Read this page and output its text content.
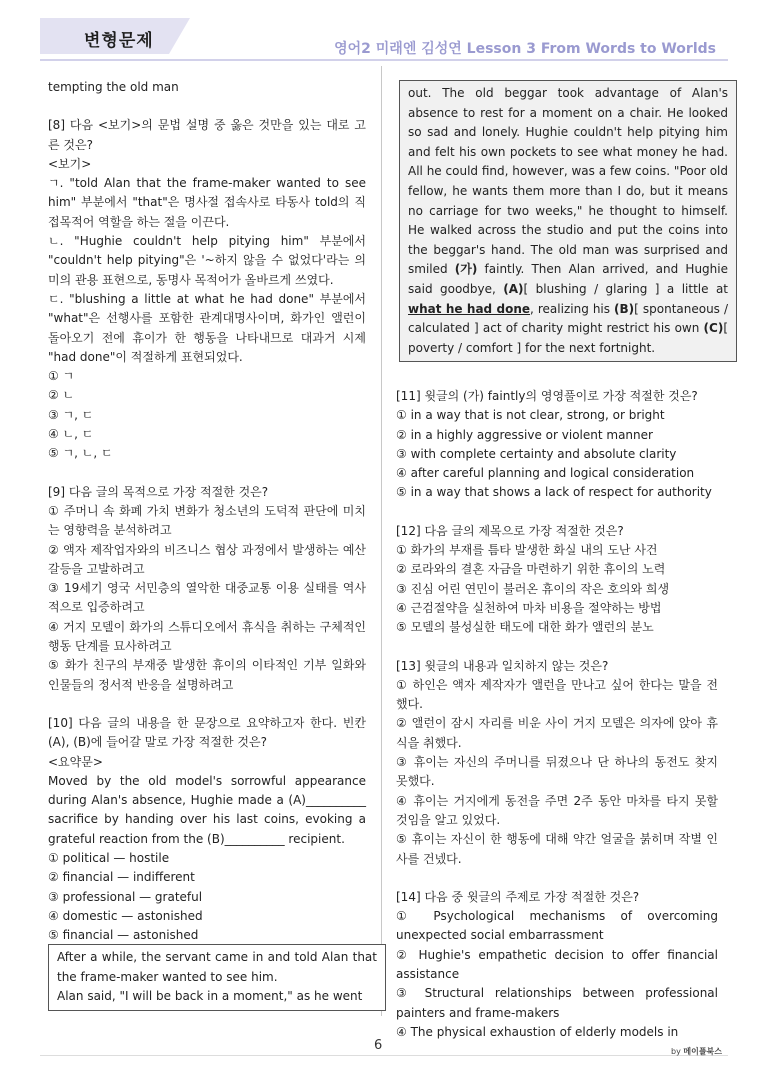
변형문제	영어2 미래엔 김성연 Lesson 3 From Words to Worlds

tempting the old man

[8] 다음 <보기>의 문법 설명 중 옳은 것만을 있는 대로 고른 것은?

<보기>

ㄱ. "told Alan that the frame-maker wanted to see him" 부분에서 "that"은 명사절 접속사로 타동사 told의 직접목적어 역할을 하는 절을 이끈다.

ㄴ. "Hughie couldn't help pitying him" 부분에서 "couldn't help pitying"은 '~하지 않을 수 없었다'라는 의미의 관용 표현으로, 동명사 목적어가 올바르게 쓰였다.

ㄷ. "blushing a little at what he had done" 부분에서 "what"은 선행사를 포함한 관계대명사이며, 화가인 앨런이 돌아오기 전에 휴이가 한 행동을 나타내므로 대과거 시제 "had done"이 적절하게 표현되었다.

① ㄱ

② ㄴ

③ ㄱ, ㄷ

④ ㄴ, ㄷ

⑤ ㄱ, ㄴ, ㄷ

[9] 다음 글의 목적으로 가장 적절한 것은?

① 주머니 속 화폐 가치 변화가 청소년의 도덕적 판단에 미치는 영향력을 분석하려고

② 액자 제작업자와의 비즈니스 협상 과정에서 발생하는 예산 갈등을 고발하려고

③ 19세기 영국 서민층의 열악한 대중교통 이용 실태를 역사적으로 입증하려고

④ 거지 모델이 화가의 스튜디오에서 휴식을 취하는 구체적인 행동 단계를 묘사하려고

⑤ 화가 친구의 부재중 발생한 휴이의 이타적인 기부 일화와 인물들의 정서적 반응을 설명하려고

[10] 다음 글의 내용을 한 문장으로 요약하고자 한다. 빈칸 (A), (B)에 들어갈 말로 가장 적절한 것은?

<요약문>

Moved by the old model's sorrowful appearance during Alan's absence, Hughie made a (A)__________ sacrifice by handing over his last coins, evoking a grateful reaction from the (B)__________ recipient.

① political — hostile

② financial — indifferent

③ professional — grateful

④ domestic — astonished

⑤ financial — astonished

After a while, the servant came in and told Alan that the frame-maker wanted to see him.
Alan said, "I will be back in a moment," as he went

out. The old beggar took advantage of Alan's absence to rest for a moment on a chair. He looked so sad and lonely. Hughie couldn't help pitying him and felt his own pockets to see what money he had. All he could find, however, was a few coins. "Poor old fellow, he wants them more than I do, but it means no carriage for two weeks," he thought to himself. He walked across the studio and put the coins into the beggar's hand. The old man was surprised and smiled (가) faintly. Then Alan arrived, and Hughie said goodbye, (A)[ blushing / glaring ] a little at what he had done, realizing his (B)[ spontaneous / calculated ] act of charity might restrict his own (C)[ poverty / comfort ] for the next fortnight.

[11] 윗글의 (가) faintly의 영영풀이로 가장 적절한 것은?

① in a way that is not clear, strong, or bright

② in a highly aggressive or violent manner

③ with complete certainty and absolute clarity

④ after careful planning and logical consideration

⑤ in a way that shows a lack of respect for authority

[12] 다음 글의 제목으로 가장 적절한 것은?

① 화가의 부재를 틈타 발생한 화실 내의 도난 사건

② 로라와의 결혼 자금을 마련하기 위한 휴이의 노력

③ 진심 어린 연민이 불러온 휴이의 작은 호의와 희생

④ 근검절약을 실천하여 마차 비용을 절약하는 방법

⑤ 모델의 불성실한 태도에 대한 화가 앨런의 분노

[13] 윗글의 내용과 일치하지 않는 것은?

① 하인은 액자 제작자가 앨런을 만나고 싶어 한다는 말을 전했다.

② 앨런이 잠시 자리를 비운 사이 거지 모델은 의자에 앉아 휴식을 취했다.

③ 휴이는 자신의 주머니를 뒤졌으나 단 하나의 동전도 찾지 못했다.

④ 휴이는 거지에게 동전을 주면 2주 동안 마차를 타지 못할 것임을 알고 있었다.

⑤ 휴이는 자신이 한 행동에 대해 약간 얼굴을 붉히며 작별 인사를 건넸다.

[14] 다음 중 윗글의 주제로 가장 적절한 것은?

① Psychological mechanisms of overcoming unexpected social embarrassment

② Hughie's empathetic decision to offer financial assistance

③ Structural relationships between professional painters and frame-makers

④ The physical exhaustion of elderly models in

6	by 메이플북스
